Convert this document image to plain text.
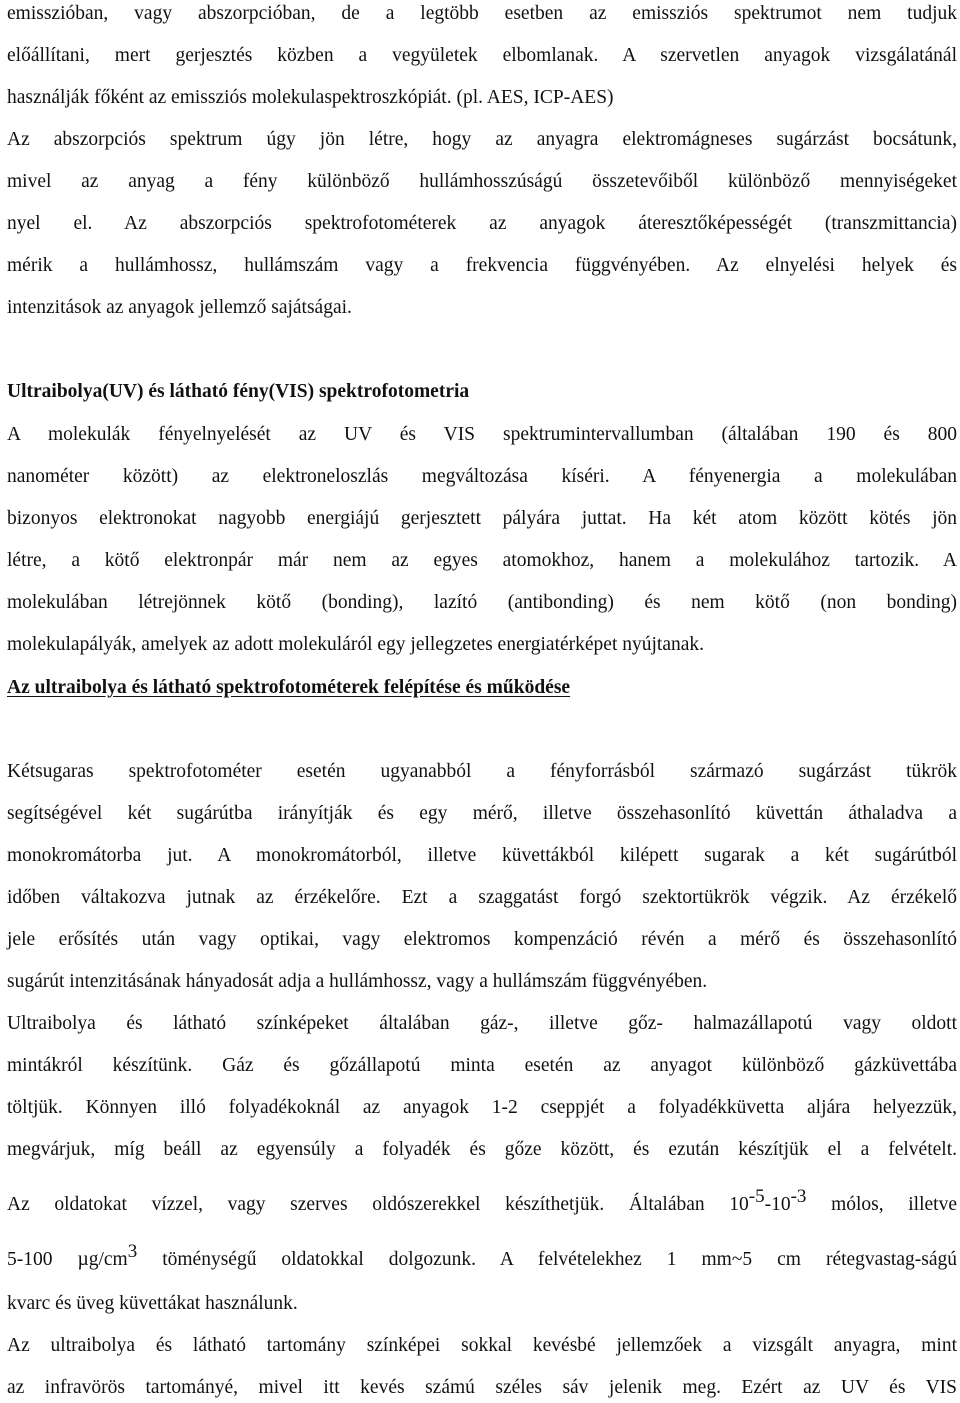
emisszióban, vagy abszorpcióban, de a legtöbb esetben az emissziós spektrumot nem tudjuk
előállítani, mert gerjesztés közben a vegyületek elbomlanak. A szervetlen anyagok vizsgálatánál
használják főként az emissziós molekulaspektroszkópiát. (pl. AES, ICP-AES)
Az abszorpciós spektrum úgy jön létre, hogy az anyagra elektromágneses sugárzást bocsátunk,
mivel az anyag a fény különböző hullámhosszúságú összetevőiből különböző mennyiségeket
nyel el. Az abszorpciós spektrofotométerek az anyagok áteresztőképességét (transzmittancia)
mérik a hullámhossz, hullámszám vagy a frekvencia függvényében. Az elnyelési helyek és
intenzitások az anyagok jellemző sajátságai.
Ultraibolya(UV) és látható fény(VIS) spektrofotometria
A molekulák fényelnyelését az UV és VIS spektrumintervallumban (általában 190 és 800
nanométer között) az elektroneloszlás megváltozása kíséri. A fényenergia a molekulában
bizonyos elektronokat nagyobb energiájú gerjesztett pályára juttat. Ha két atom között kötés jön
létre, a kötő elektronpár már nem az egyes atomokhoz, hanem a molekulához tartozik. A
molekulában létrejönnek kötő (bonding), lazító (antibonding) és nem kötő (non bonding)
molekulapályák, amelyek az adott molekuláról egy jellegzetes energiatérképet nyújtanak.
Az ultraibolya és látható spektrofotométerek felépítése és működése
Kétsugaras spektrofotométer esetén ugyanabból a fényforrásból származó sugárzást tükrök
segítségével két sugárútba irányítják és egy mérő, illetve összehasonlító küvettán áthaladva a
monokromátorba jut. A monokromátorból, illetve küvettákból kilépett sugarak a két sugárútból
időben váltakozva jutnak az érzékelőre. Ezt a szaggatást forgó szektortükrök végzik. Az érzékelő
jele erősítés után vagy optikai, vagy elektromos kompenzáció révén a mérő és összehasonlító
sugárút intenzitásának hányadosát adja a hullámhossz, vagy a hullámszám függvényében.
Ultraibolya és látható színképeket általában gáz-, illetve gőz- halmazállapotú vagy oldott
mintákról készítünk. Gáz és gőzállapotú minta esetén az anyagot különböző gázküvettába
töltjük. Könnyen illó folyadékoknál az anyagok 1-2 cseppjét a folyadékküvetta aljára helyezzük,
megvárjuk, míg beáll az egyensúly a folyadék és gőze között, és ezután készítjük el a felvételt.
Az oldatokat vízzel, vagy szerves oldószerekkel készíthetjük. Általában 10-5-10-3 mólos, illetve
5-100 µg/cm3 töménységű oldatokkal dolgozunk. A felvételekhez 1 mm~5 cm rétegvastag-ságú
kvarc és üveg küvettákat használunk.
Az ultraibolya és látható tartomány színképei sokkal kevésbé jellemzőek a vizsgált anyagra, mint
az infravörös tartományé, mivel itt kevés számú széles sáv jelenik meg. Ezért az UV és VIS
